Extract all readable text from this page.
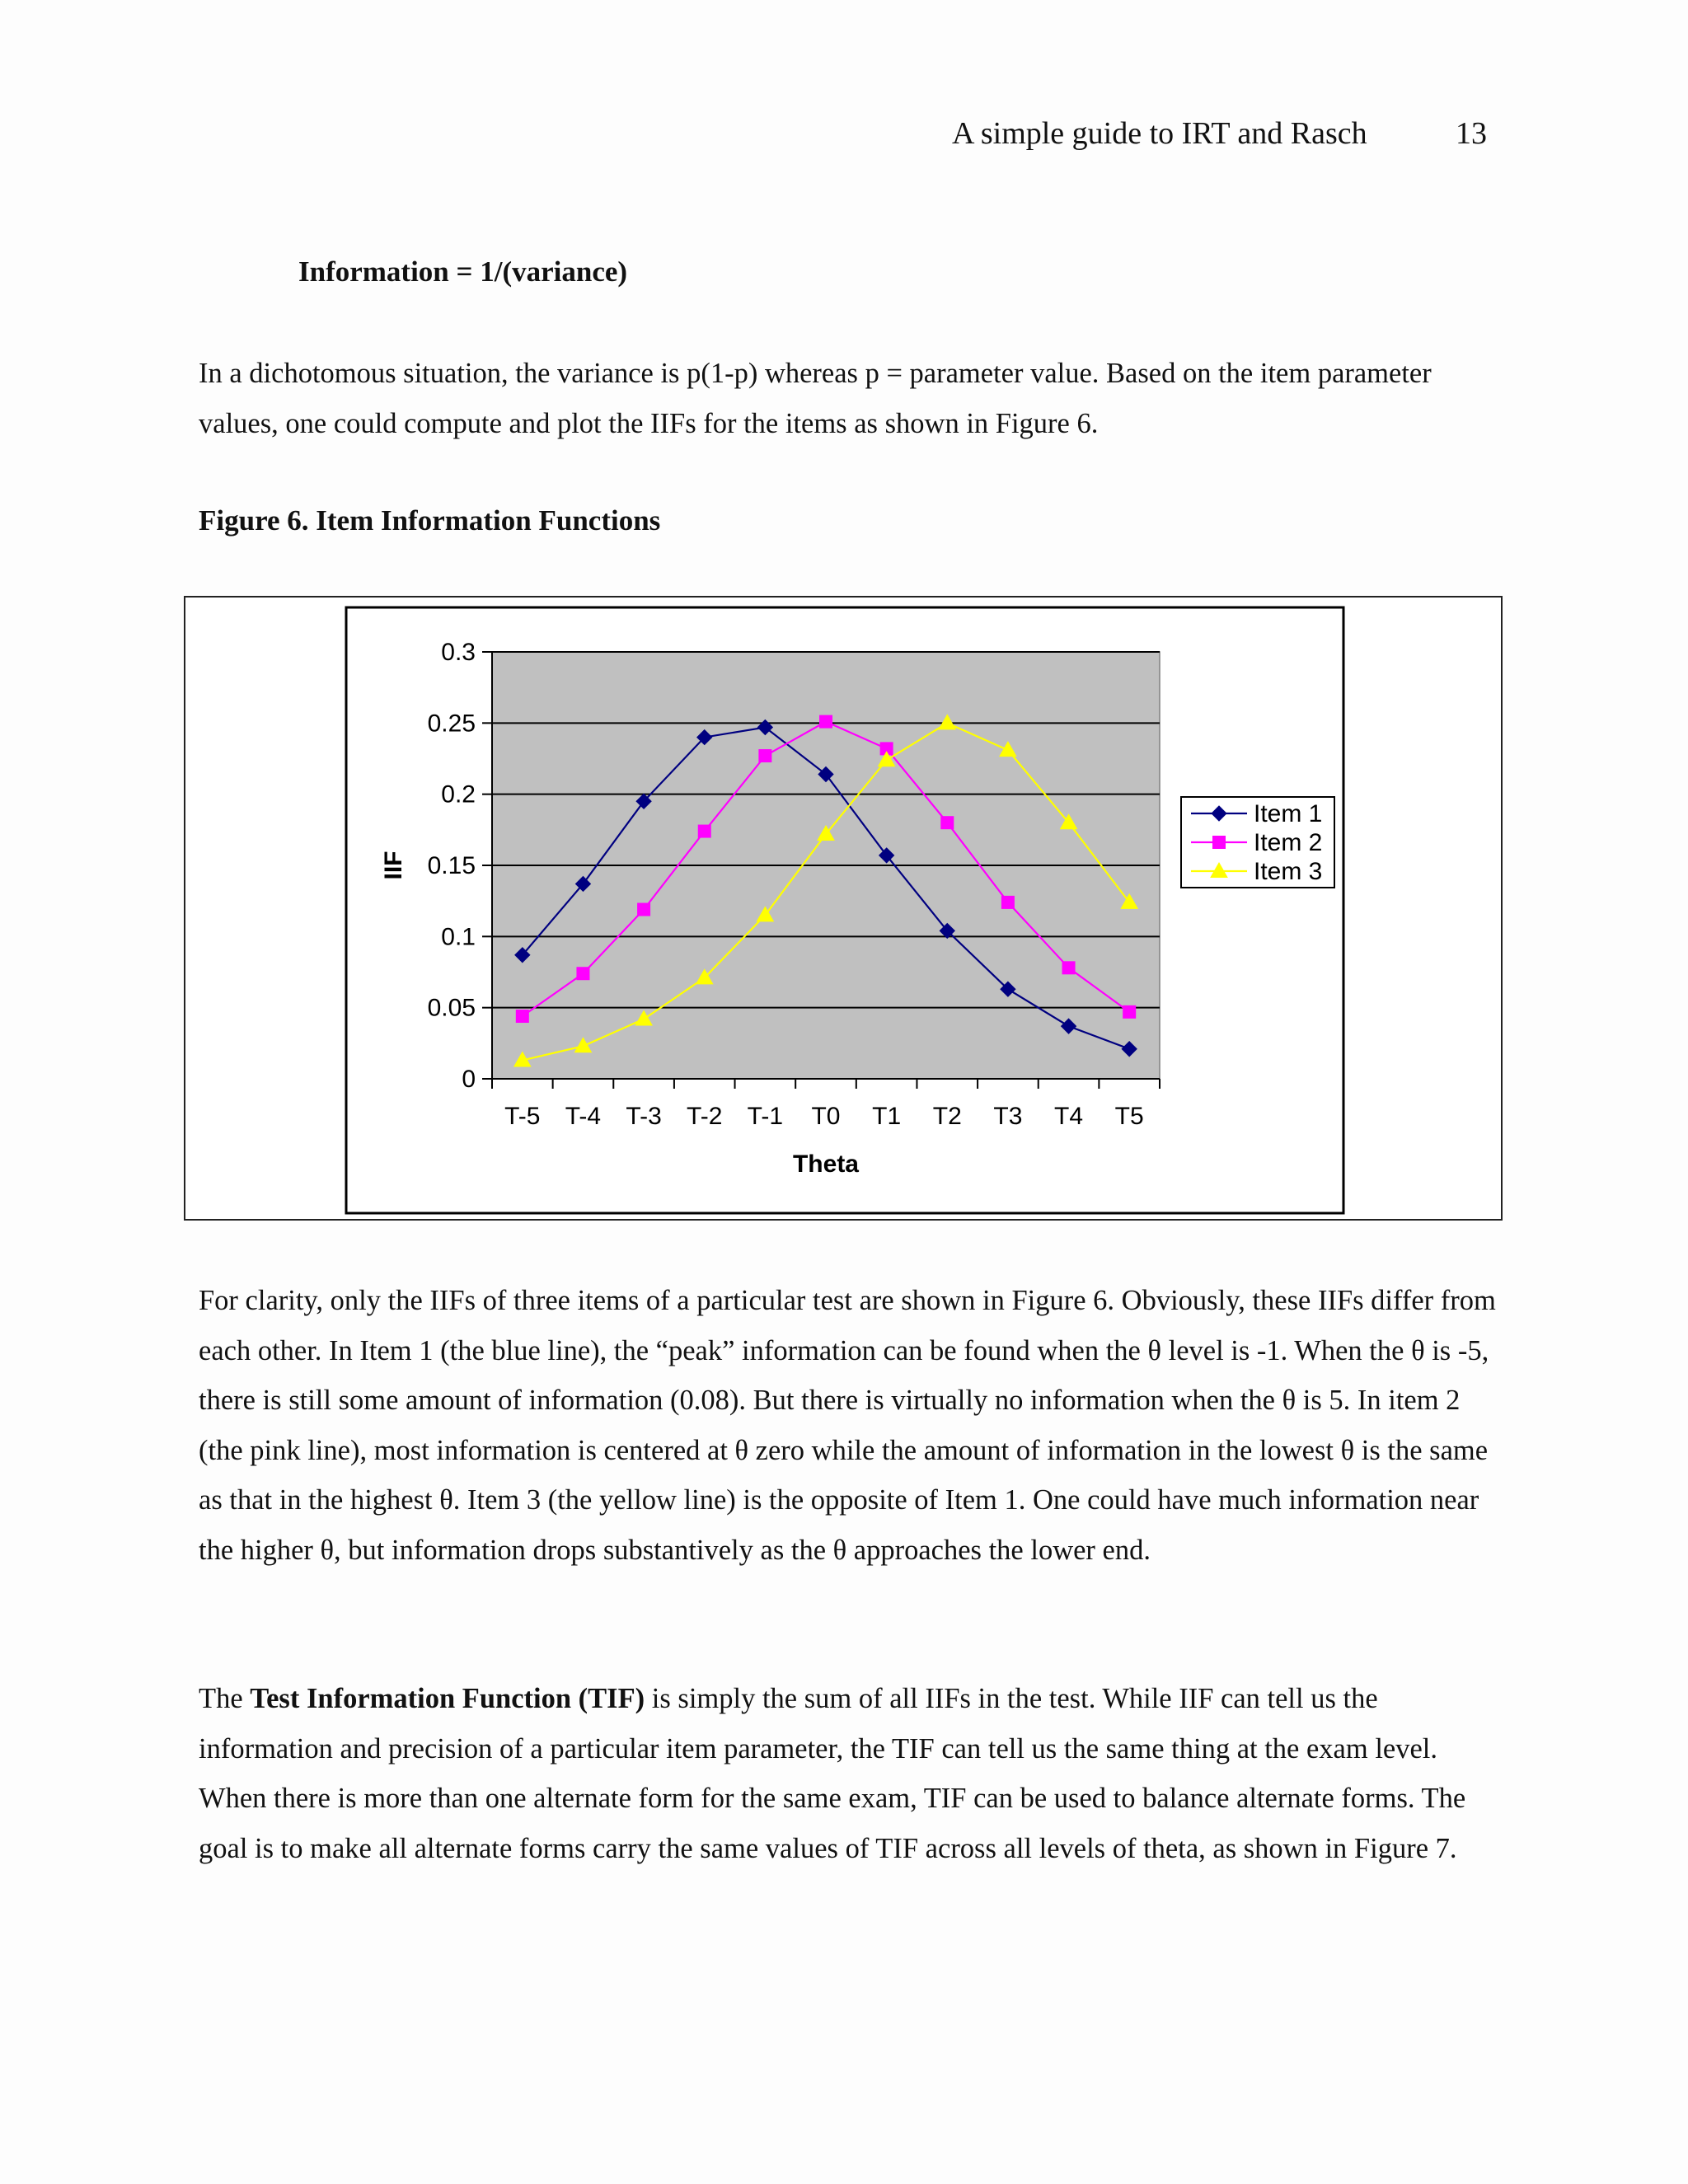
A simple guide to IRT and Rasch	13
Information = 1/(variance)

In a dichotomous situation, the variance is p(1-p) whereas p = parameter value. Based on the item parameter values, one could compute and plot the IIFs for the items as shown in Figure 6.

Figure 6. Item Information Functions
0
0.05
0.1
0.15
0.2
0.25
0.3
T-5 T-4 T-3 T-2 T-1 T0 T1 T2 T3 T4 T5
Theta
IIF
Item 1
Item 2
Item 3

For clarity, only the IIFs of three items of a particular test are shown in Figure 6. Obviously, these IIFs differ from each other. In Item 1 (the blue line), the “peak” information can be found when the θ level is -1. When the θ is -5, there is still some amount of information (0.08). But there is virtually no information when the θ is 5. In item 2 (the pink line), most information is centered at θ zero while the amount of information in the lowest θ is the same as that in the highest θ. Item 3 (the yellow line) is the opposite of Item 1. One could have much information near the higher θ, but information drops substantively as the θ approaches the lower end.

The Test Information Function (TIF) is simply the sum of all IIFs in the test. While IIF can tell us the information and precision of a particular item parameter, the TIF can tell us the same thing at the exam level. When there is more than one alternate form for the same exam, TIF can be used to balance alternate forms. The goal is to make all alternate forms carry the same values of TIF across all levels of theta, as shown in Figure 7.
